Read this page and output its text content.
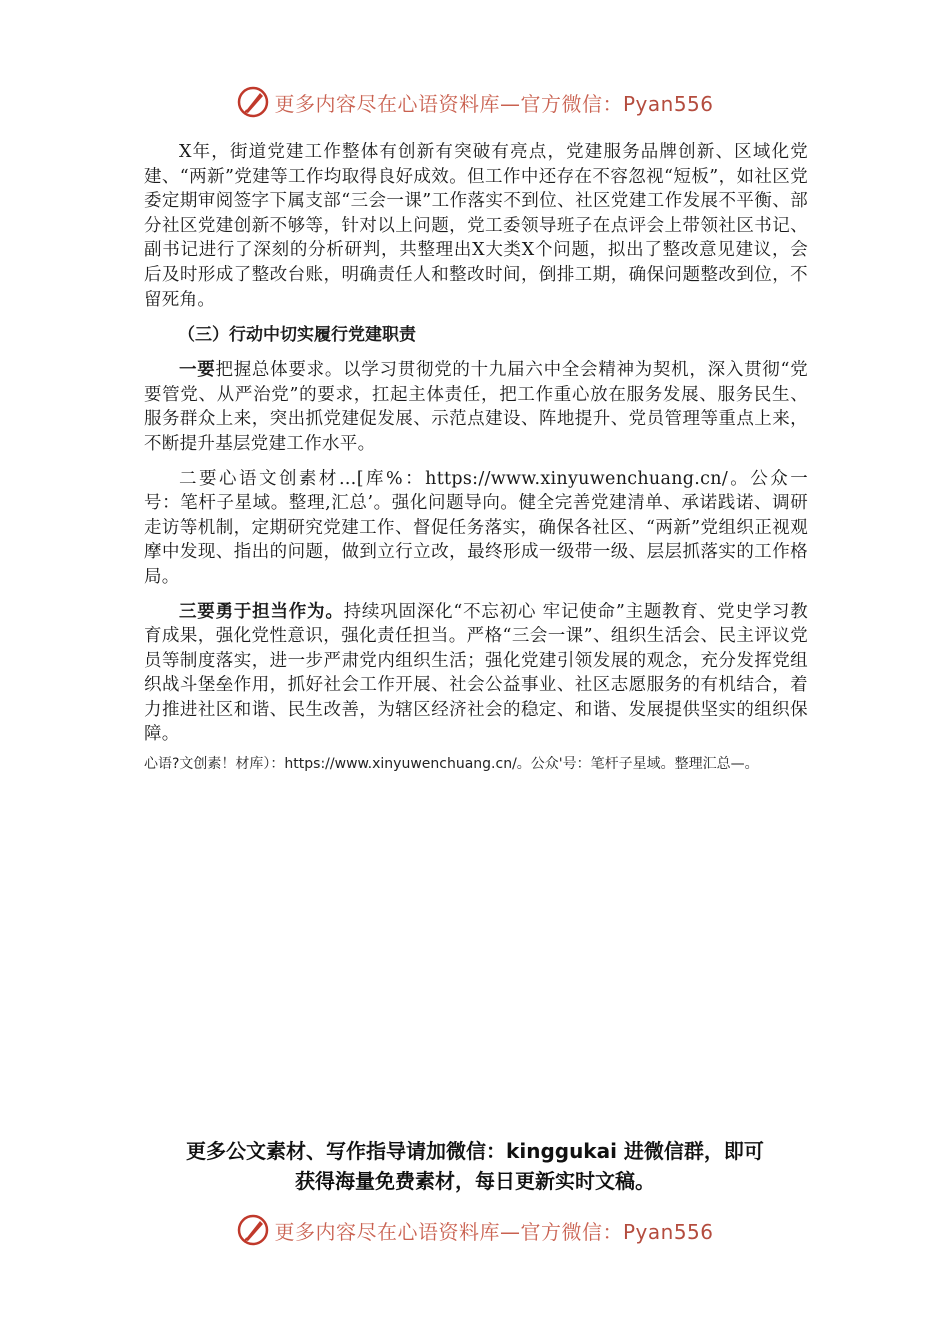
更多内容尽在心语资料库—官方微信：Pyan556

X年，街道党建工作整体有创新有突破有亮点，党建服务品牌创新、区域化党建、“两新”党建等工作均取得良好成效。但工作中还存在不容忽视“短板”，如社区党委定期审阅签字下属支部“三会一课”工作落实不到位、社区党建工作发展不平衡、部分社区党建创新不够等，针对以上问题，党工委领导班子在点评会上带领社区书记、副书记进行了深刻的分析研判，共整理出X大类X个问题，拟出了整改意见建议，会后及时形成了整改台账，明确责任人和整改时间，倒排工期，确保问题整改到位，不留死角。

（三）行动中切实履行党建职责

一要把握总体要求。以学习贯彻党的十九届六中全会精神为契机，深入贯彻“党要管党、从严治党”的要求，扛起主体责任，把工作重心放在服务发展、服务民生、服务群众上来，突出抓党建促发展、示范点建设、阵地提升、党员管理等重点上来，不断提升基层党建工作水平。

二要心语文创素材…[库%：https://www.xinyuwenchuang.cn/。公众一号：笔杆子星域。整理,汇总’。强化问题导向。健全完善党建清单、承诺践诺、调研走访等机制，定期研究党建工作、督促任务落实，确保各社区、“两新”党组织正视观摩中发现、指出的问题，做到立行立改，最终形成一级带一级、层层抓落实的工作格局。

三要勇于担当作为。持续巩固深化“不忘初心 牢记使命”主题教育、党史学习教育成果，强化党性意识，强化责任担当。严格“三会一课”、组织生活会、民主评议党员等制度落实，进一步严肃党内组织生活；强化党建引领发展的观念，充分发挥党组织战斗堡垒作用，抓好社会工作开展、社会公益事业、社区志愿服务的有机结合，着力推进社区和谐、民生改善，为辖区经济社会的稳定、和谐、发展提供坚实的组织保障。

心语?文创素！材库）：https://www.xinyuwenchuang.cn/。公众'号：笔杆子星域。整理汇总—。

更多公文素材、写作指导请加微信：kinggukai 进微信群，即可
获得海量免费素材，每日更新实时文稿。
更多内容尽在心语资料库—官方微信：Pyan556
